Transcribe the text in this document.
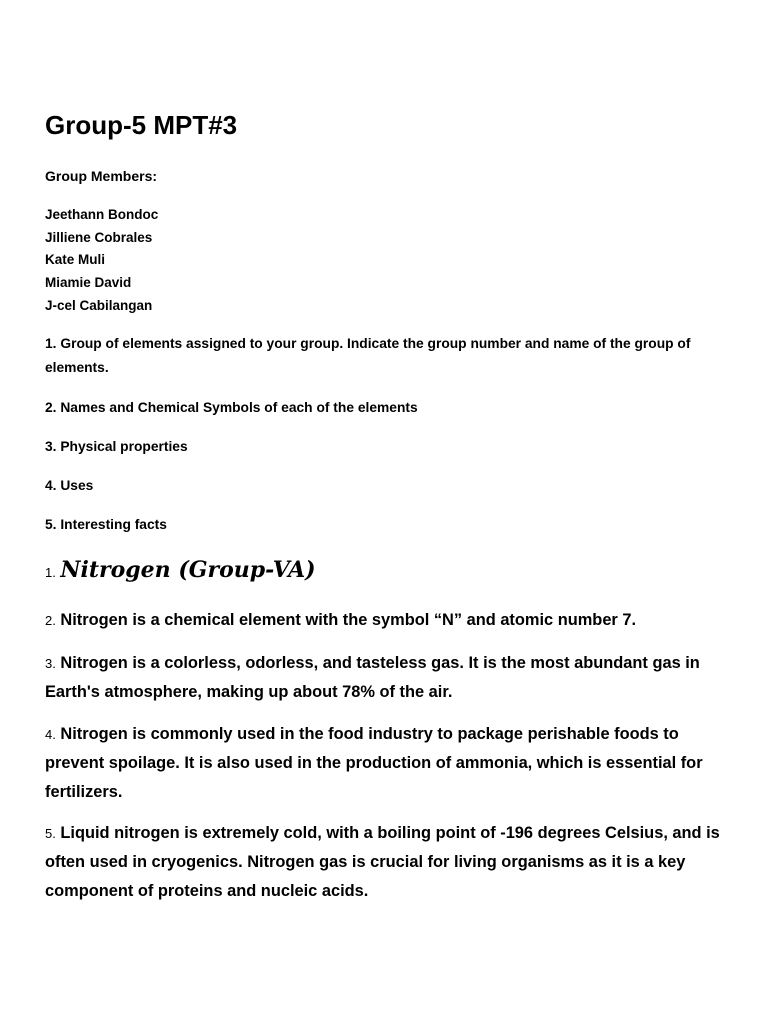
Group-5 MPT#3
Group Members:
Jeethann Bondoc
Jilliene Cobrales
Kate Muli
Miamie David
J-cel Cabilangan
1. Group of elements assigned to your group. Indicate the group number and name of the group of elements.
2. Names and Chemical Symbols of each of the elements
3. Physical properties
4. Uses
5. Interesting facts
1. Nitrogen (Group-VA)
2. Nitrogen is a chemical element with the symbol “N” and atomic number 7.
3. Nitrogen is a colorless, odorless, and tasteless gas. It is the most abundant gas in Earth's atmosphere, making up about 78% of the air.
4. Nitrogen is commonly used in the food industry to package perishable foods to prevent spoilage. It is also used in the production of ammonia, which is essential for fertilizers.
5. Liquid nitrogen is extremely cold, with a boiling point of -196 degrees Celsius, and is often used in cryogenics. Nitrogen gas is crucial for living organisms as it is a key component of proteins and nucleic acids.
